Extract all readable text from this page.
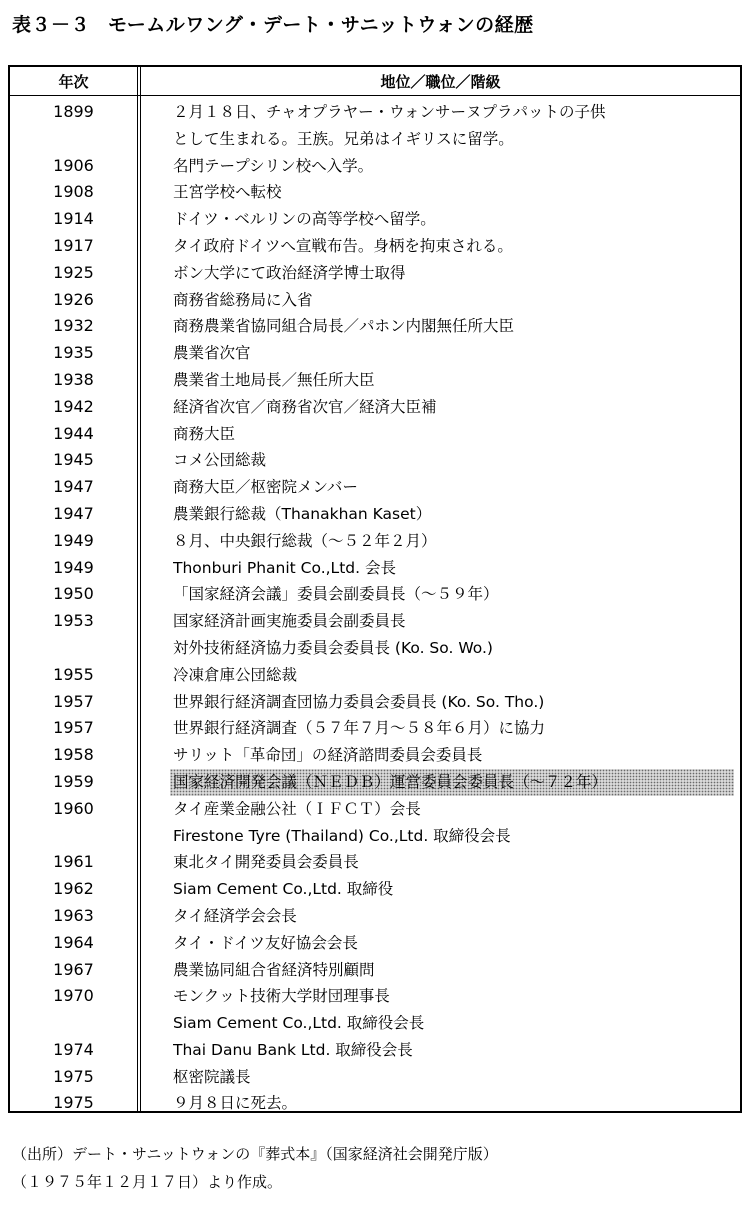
表３－３ モームルワング・デート・サニットウォンの経歴
年次	地位／職位／階級
1899	２月１８日、チャオプラヤー・ウォンサーヌプラパットの子供
として生まれる。王族。兄弟はイギリスに留学。
1906	名門テープシリン校へ入学。
1908	王宮学校へ転校
1914	ドイツ・ベルリンの高等学校へ留学。
1917	タイ政府ドイツへ宣戦布告。身柄を拘束される。
1925	ボン大学にて政治経済学博士取得
1926	商務省総務局に入省
1932	商務農業省協同組合局長／パホン内閣無任所大臣
1935	農業省次官
1938	農業省土地局長／無任所大臣
1942	経済省次官／商務省次官／経済大臣補
1944	商務大臣
1945	コメ公団総裁
1947	商務大臣／枢密院メンバー
1947	農業銀行総裁（Thanakhan Kaset）
1949	８月、中央銀行総裁（～５２年２月）
1949	Thonburi Phanit Co.,Ltd. 会長
1950	「国家経済会議」委員会副委員長（～５９年）
1953	国家経済計画実施委員会副委員長
対外技術経済協力委員会委員長 (Ko. So. Wo.)
1955	冷凍倉庫公団総裁
1957	世界銀行経済調査団協力委員会委員長 (Ko. So. Tho.)
1957	世界銀行経済調査（５７年７月～５８年６月）に協力
1958	サリット「革命団」の経済諮問委員会委員長
1959	国家経済開発会議（ＮＥＤＢ）運営委員会委員長（～７２年）
1960	タイ産業金融公社（ＩＦＣＴ）会長
Firestone Tyre (Thailand) Co.,Ltd. 取締役会長
1961	東北タイ開発委員会委員長
1962	Siam Cement Co.,Ltd. 取締役
1963	タイ経済学会会長
1964	タイ・ドイツ友好協会会長
1967	農業協同組合省経済特別顧問
1970	モンクット技術大学財団理事長
Siam Cement Co.,Ltd. 取締役会長
1974	Thai Danu Bank Ltd. 取締役会長
1975	枢密院議長
1975	９月８日に死去。
（出所）デート・サニットウォンの『葬式本』（国家経済社会開発庁版）
（１９７５年１２月１７日）より作成。
